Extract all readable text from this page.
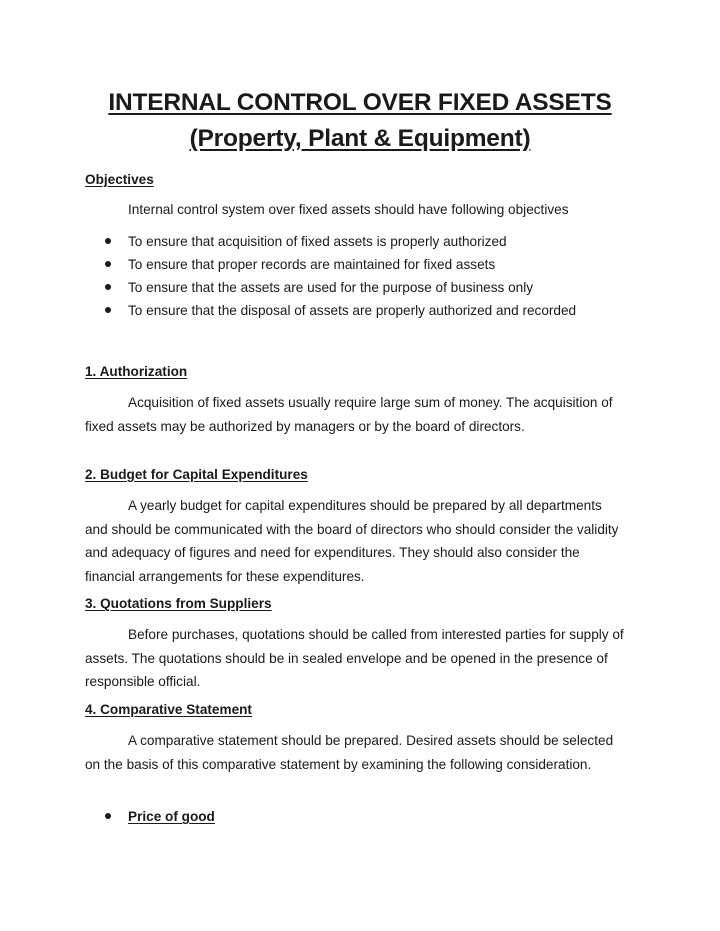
INTERNAL CONTROL OVER FIXED ASSETS
(Property, Plant & Equipment)
Objectives
Internal control system over fixed assets should have following objectives
To ensure that acquisition of fixed assets is properly authorized
To ensure that proper records are maintained for fixed assets
To ensure that the assets are used for the purpose of business only
To ensure that the disposal of assets are properly authorized and recorded
1. Authorization

Acquisition of fixed assets usually require large sum of money. The acquisition of fixed assets may be authorized by managers or by the board of directors.

2. Budget for Capital Expenditures

A yearly budget for capital expenditures should be prepared by all departments and should be communicated with the board of directors who should consider the validity and adequacy of figures and need for expenditures. They should also consider the financial arrangements for these expenditures.

3. Quotations from Suppliers

Before purchases, quotations should be called from interested parties for supply of assets. The quotations should be in sealed envelope and be opened in the presence of responsible official.

4. Comparative Statement

A comparative statement should be prepared. Desired assets should be selected on the basis of this comparative statement by examining the following consideration.

Price of good
